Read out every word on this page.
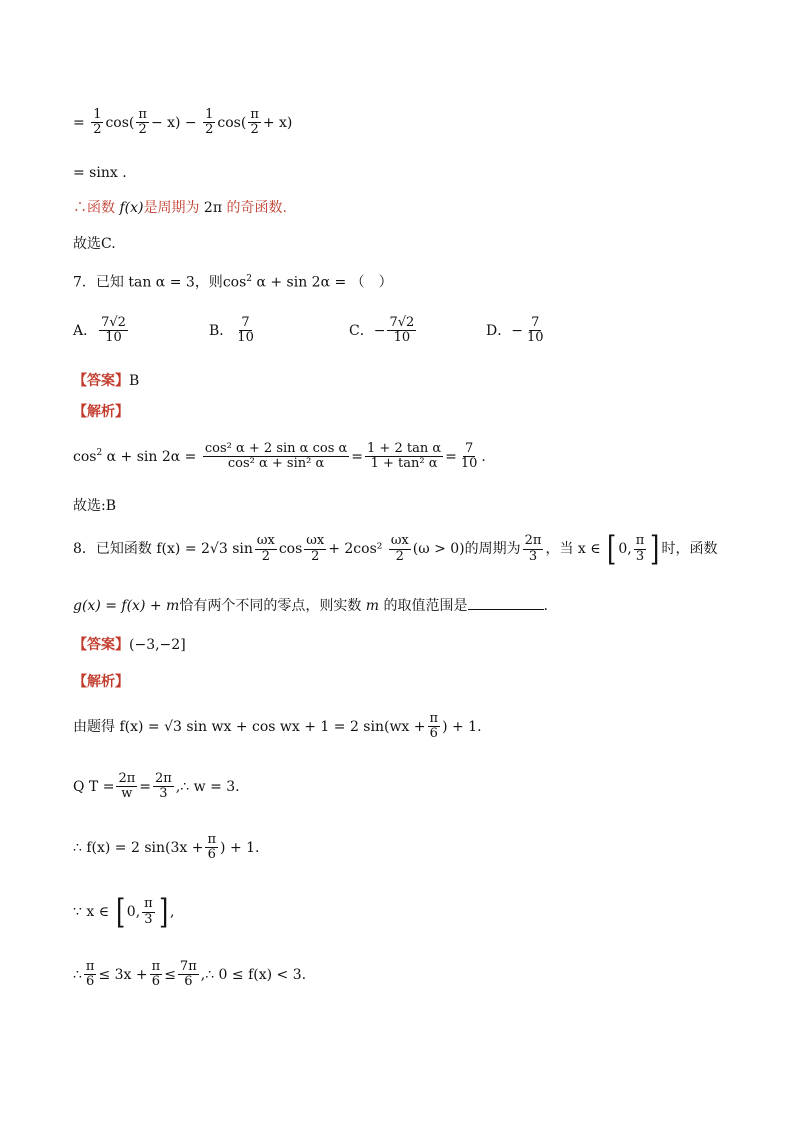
= $\frac{1}{2} \cos( \frac{\pi}{2} - x) - \frac{1}{2} \cos( \frac{\pi}{2} + x)$
= sinx .
∴函数 f(x)是周期为 2π 的奇函数.
故选C.
7．已知 tan α = 3，则$\cos^2 \alpha + \sin 2\alpha$ = （　）
A． $\frac{7√2}{10}$	B． $\frac{7}{10}$	C．− $\frac{7√2}{10}$	D．− $\frac{7}{10}$
【答案】B
【解析】
$\cos^2 \alpha + \sin 2\alpha = \frac{\text{cos² α + 2 sin α cos α}}{\text{cos² α + sin² α}} = \frac{\text{1 + 2 tan α}}{\text{1 + tan² α}} = \frac{7}{10}$ .
故选:B
8．已知函数 f(x) = 2√3 $\sin \frac{\omega x}{2}$ $\cos \frac{\omega x}{2} + 2\cos^2 \frac{\omega x}{2} (\omega > 0)$的周期为 $\frac{2\pi}{3}$ ，当 x ∈ [ 0, $\frac{\pi}{3}$ ] 时，函数
g(x) = f(x) + m恰有两个不同的零点，则实数 m 的取值范围是	.
【答案】(−3,−2]
【解析】
由题得 f(x) = √3 sin wx + cos wx + 1 = 2 $\sin(wx + \frac{\pi}{6}$ ) + 1.
Q $T = \frac{2\pi}{w} = \frac{2\pi}{3}$ ,∴ w = 3.
∴ f(x) = 2 $\sin(3x + \frac{\pi}{6}$ ) + 1.
∵ x ∈ [ 0, $\frac{\pi}{3}$ ] ,
∴ $\frac{\pi}{6} \le 3x + \frac{\pi}{6} \le \frac{7\pi}{6}$ ,∴ 0 ≤ f(x) < 3.
